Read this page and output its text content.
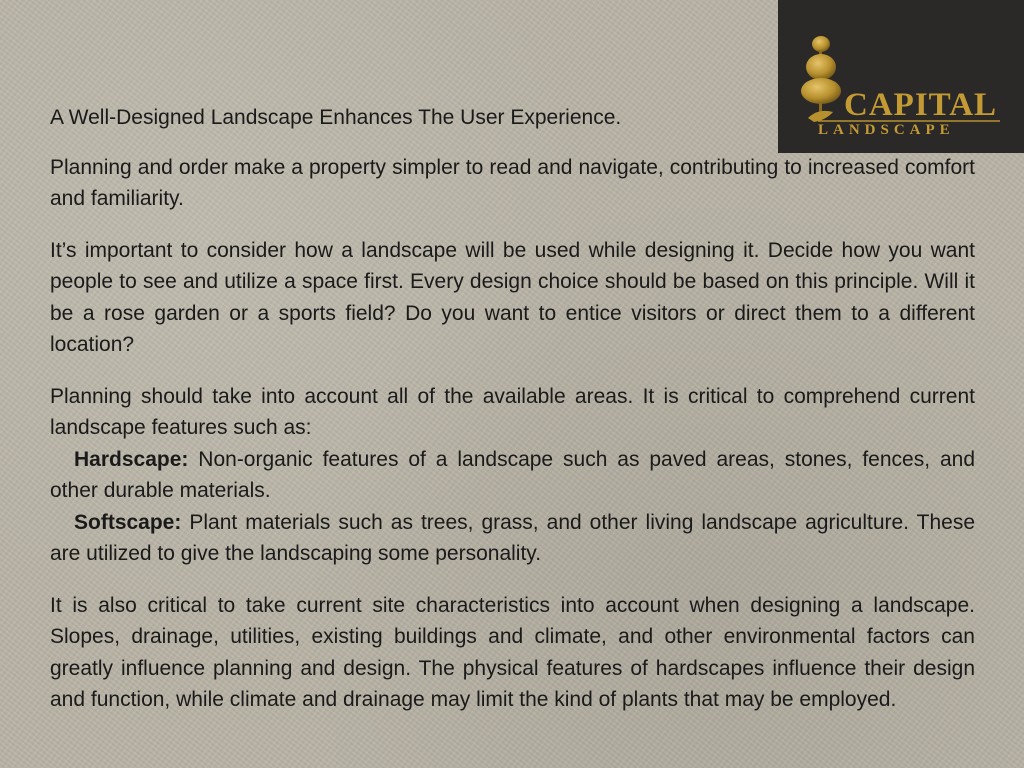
CAPITAL
LANDSCAPE

A Well-Designed Landscape Enhances The User Experience.

Planning and order make a property simpler to read and navigate, contributing to increased comfort and familiarity.

It’s important to consider how a landscape will be used while designing it. Decide how you want people to see and utilize a space first. Every design choice should be based on this principle. Will it be a rose garden or a sports field? Do you want to entice visitors or direct them to a different location?

Planning should take into account all of the available areas. It is critical to comprehend current landscape features such as:

Hardscape: Non-organic features of a landscape such as paved areas, stones, fences, and other durable materials.
Softscape: Plant materials such as trees, grass, and other living landscape agriculture. These are utilized to give the landscaping some personality.

It is also critical to take current site characteristics into account when designing a landscape. Slopes, drainage, utilities, existing buildings and climate, and other environmental factors can greatly influence planning and design. The physical features of hardscapes influence their design and function, while climate and drainage may limit the kind of plants that may be employed.
